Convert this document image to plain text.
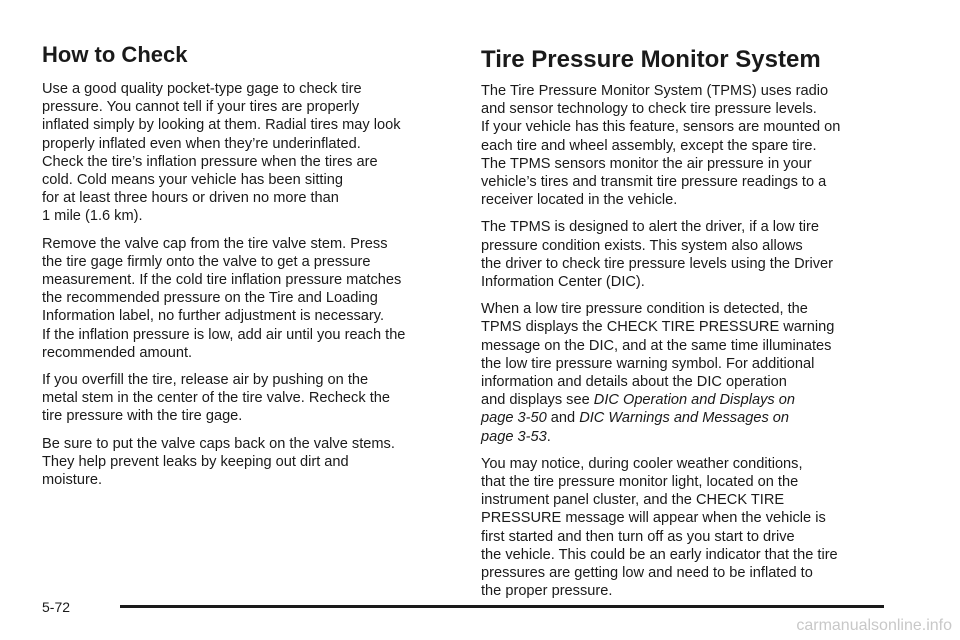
How to Check

Use a good quality pocket-type gage to check tire
pressure. You cannot tell if your tires are properly
inflated simply by looking at them. Radial tires may look
properly inflated even when they’re underinflated.
Check the tire’s inflation pressure when the tires are
cold. Cold means your vehicle has been sitting
for at least three hours or driven no more than
1 mile (1.6 km).

Remove the valve cap from the tire valve stem. Press
the tire gage firmly onto the valve to get a pressure
measurement. If the cold tire inflation pressure matches
the recommended pressure on the Tire and Loading
Information label, no further adjustment is necessary.
If the inflation pressure is low, add air until you reach the
recommended amount.

If you overfill the tire, release air by pushing on the
metal stem in the center of the tire valve. Recheck the
tire pressure with the tire gage.

Be sure to put the valve caps back on the valve stems.
They help prevent leaks by keeping out dirt and
moisture.

Tire Pressure Monitor System

The Tire Pressure Monitor System (TPMS) uses radio
and sensor technology to check tire pressure levels.
If your vehicle has this feature, sensors are mounted on
each tire and wheel assembly, except the spare tire.
The TPMS sensors monitor the air pressure in your
vehicle’s tires and transmit tire pressure readings to a
receiver located in the vehicle.

The TPMS is designed to alert the driver, if a low tire
pressure condition exists. This system also allows
the driver to check tire pressure levels using the Driver
Information Center (DIC).

When a low tire pressure condition is detected, the
TPMS displays the CHECK TIRE PRESSURE warning
message on the DIC, and at the same time illuminates
the low tire pressure warning symbol. For additional
information and details about the DIC operation
and displays see DIC Operation and Displays on
page 3-50 and DIC Warnings and Messages on
page 3-53.

You may notice, during cooler weather conditions,
that the tire pressure monitor light, located on the
instrument panel cluster, and the CHECK TIRE
PRESSURE message will appear when the vehicle is
first started and then turn off as you start to drive
the vehicle. This could be an early indicator that the tire
pressures are getting low and need to be inflated to
the proper pressure.

5-72
carmanualsonline.info
